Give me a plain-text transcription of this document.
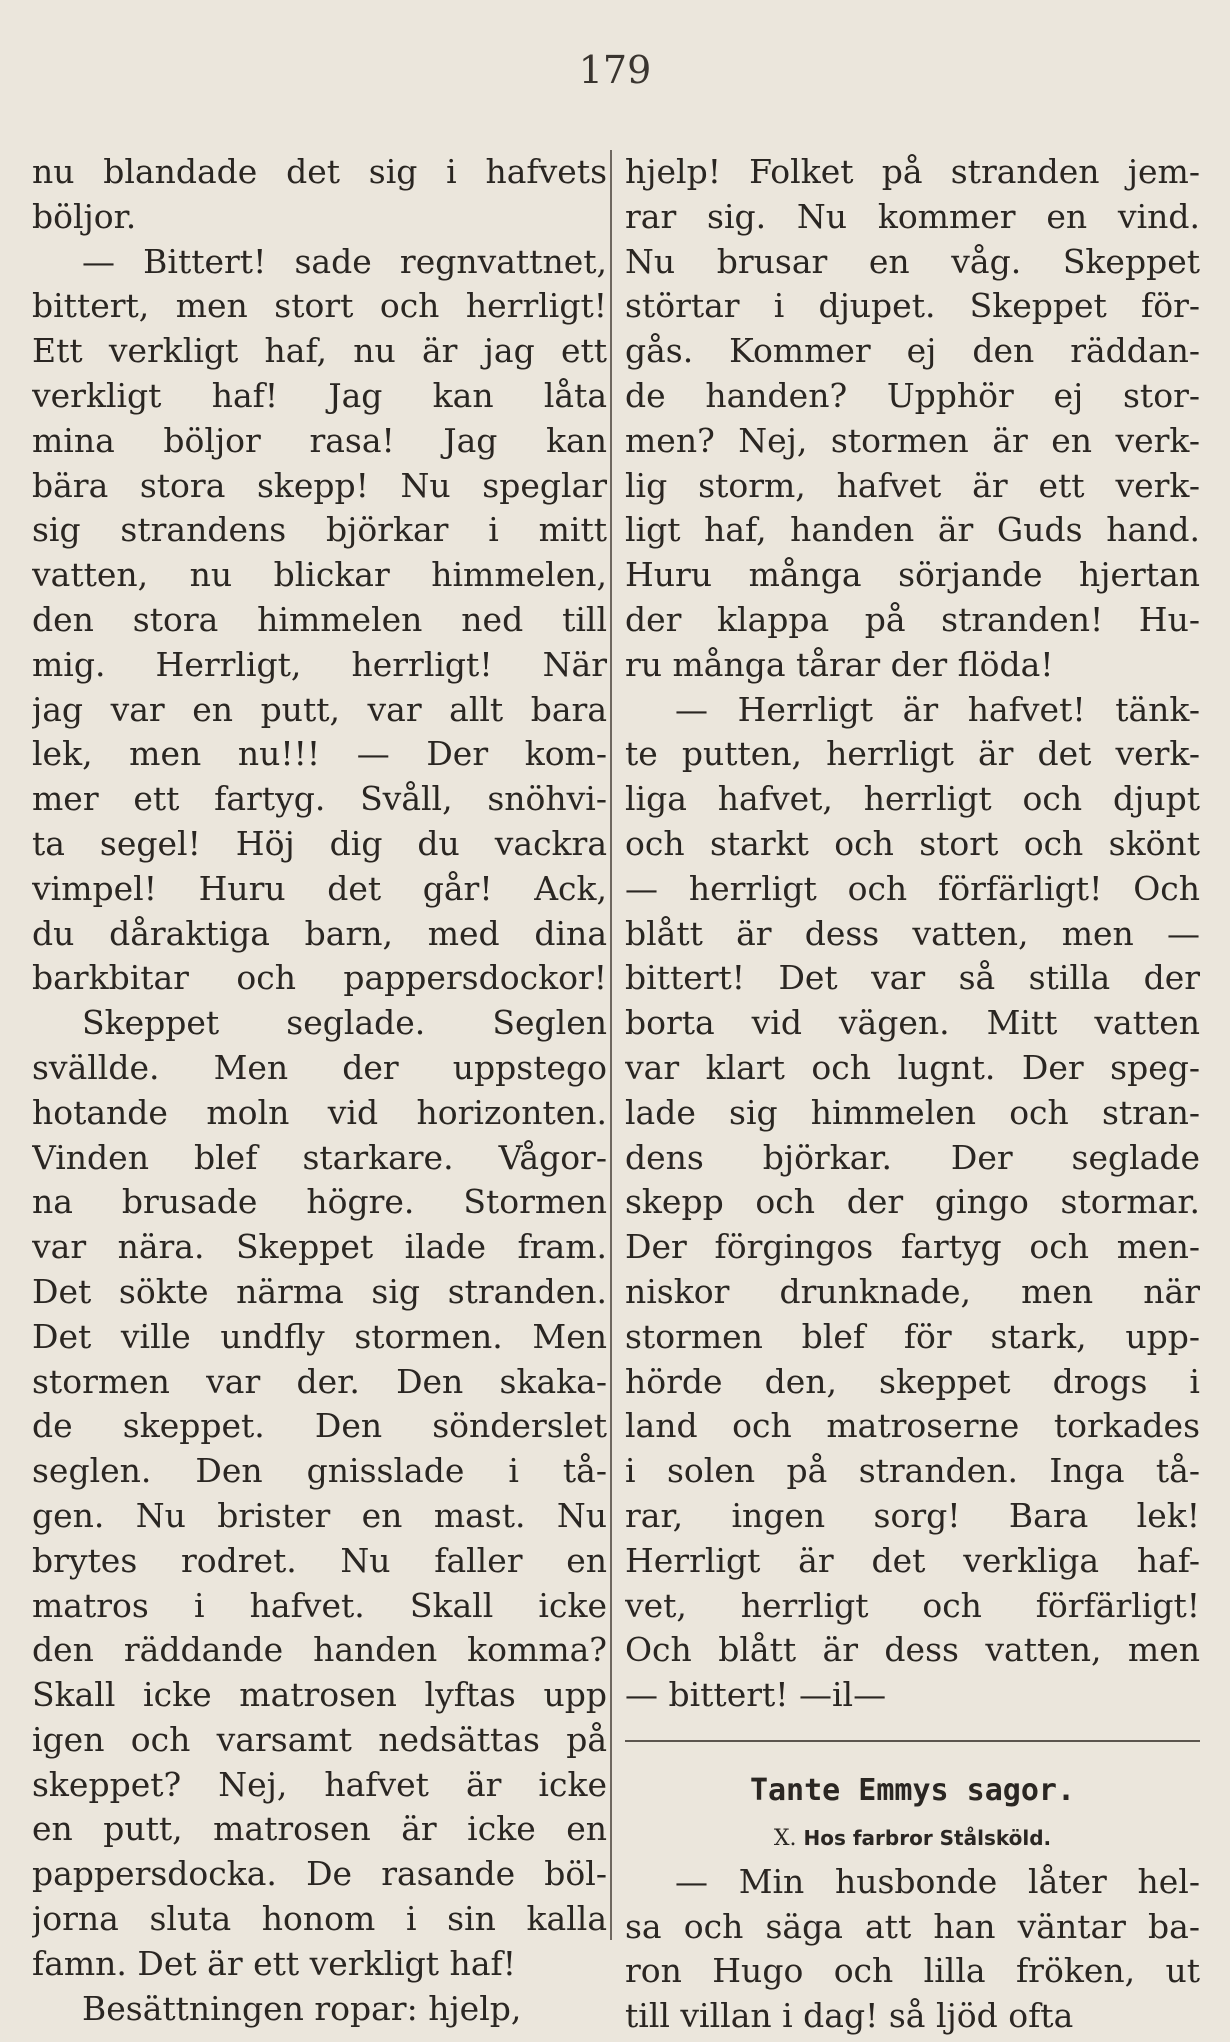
179
nu blandade det sig i hafvets
böljor.
— Bittert! sade regnvattnet,
bittert, men stort och herrligt!
Ett verkligt haf, nu är jag ett
verkligt haf! Jag kan låta
mina böljor rasa! Jag kan
bära stora skepp! Nu speglar
sig strandens björkar i mitt
vatten, nu blickar himmelen,
den stora himmelen ned till
mig. Herrligt, herrligt! När
jag var en putt, var allt bara
lek, men nu!!! — Der kom-
mer ett fartyg. Svåll, snöhvi-
ta segel! Höj dig du vackra
vimpel! Huru det går! Ack,
du dåraktiga barn, med dina
barkbitar och pappersdockor!
Skeppet seglade. Seglen
svällde. Men der uppstego
hotande moln vid horizonten.
Vinden blef starkare. Vågor-
na brusade högre. Stormen
var nära. Skeppet ilade fram.
Det sökte närma sig stranden.
Det ville undfly stormen. Men
stormen var der. Den skaka-
de skeppet. Den sönderslet
seglen. Den gnisslade i tå-
gen. Nu brister en mast. Nu
brytes rodret. Nu faller en
matros i hafvet. Skall icke
den räddande handen komma?
Skall icke matrosen lyftas upp
igen och varsamt nedsättas på
skeppet? Nej, hafvet är icke
en putt, matrosen är icke en
pappersdocka. De rasande böl-
jorna sluta honom i sin kalla
famn. Det är ett verkligt haf!
Besättningen ropar: hjelp,
hjelp! Folket på stranden jem-
rar sig. Nu kommer en vind.
Nu brusar en våg. Skeppet
störtar i djupet. Skeppet för-
gås. Kommer ej den räddan-
de handen? Upphör ej stor-
men? Nej, stormen är en verk-
lig storm, hafvet är ett verk-
ligt haf, handen är Guds hand.
Huru många sörjande hjertan
der klappa på stranden! Hu-
ru många tårar der flöda!
— Herrligt är hafvet! tänk-
te putten, herrligt är det verk-
liga hafvet, herrligt och djupt
och starkt och stort och skönt
— herrligt och förfärligt! Och
blått är dess vatten, men —
bittert! Det var så stilla der
borta vid vägen. Mitt vatten
var klart och lugnt. Der speg-
lade sig himmelen och stran-
dens björkar. Der seglade
skepp och der gingo stormar.
Der förgingos fartyg och men-
niskor drunknade, men när
stormen blef för stark, upp-
hörde den, skeppet drogs i
land och matroserne torkades
i solen på stranden. Inga tå-
rar, ingen sorg! Bara lek!
Herrligt är det verkliga haf-
vet, herrligt och förfärligt!
Och blått är dess vatten, men
— bittert! —il—
Tante Emmys sagor.
X. Hos farbror Stålsköld.
— Min husbonde låter hel-
sa och säga att han väntar ba-
ron Hugo och lilla fröken, ut
till villan i dag! så ljöd ofta
